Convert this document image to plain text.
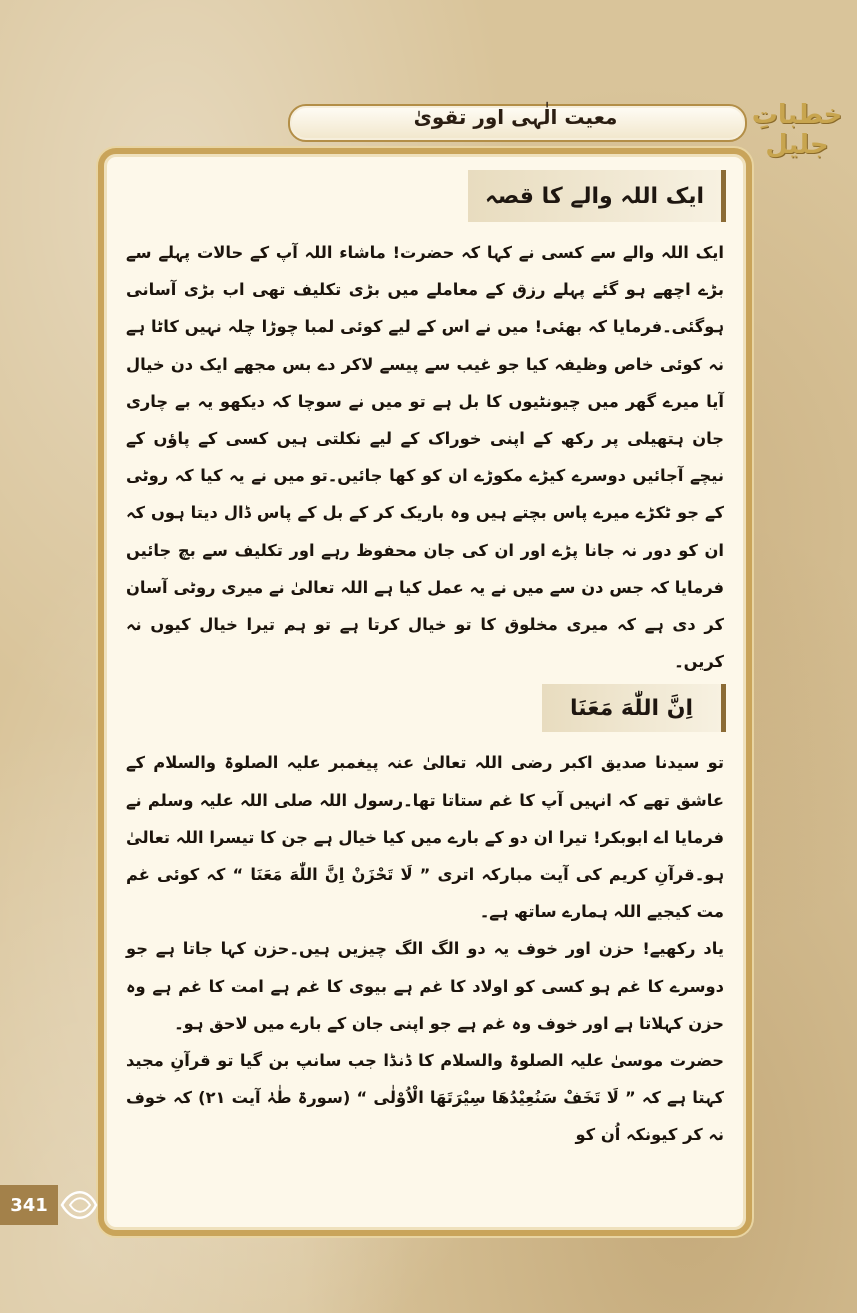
معیت الٰہی اور تقویٰ	خطباتِ جلیل
ایک اللہ والے کا قصہ

ایک اللہ والے سے کسی نے کہا کہ حضرت! ماشاء اللہ آپ کے حالات پہلے سے بڑے اچھے ہو گئے پہلے رزق کے معاملے میں بڑی تکلیف تھی اب بڑی آسانی ہوگئی۔فرمایا کہ بھئی! میں نے اس کے لیے کوئی لمبا چوڑا چلہ نہیں کاٹا ہے نہ کوئی خاص وظیفہ کیا جو غیب سے پیسے لاکر دے بس مجھے ایک دن خیال آیا میرے گھر میں چیونٹیوں کا بل ہے تو میں نے سوچا کہ دیکھو یہ بے چاری جان ہتھیلی پر رکھ کے اپنی خوراک کے لیے نکلتی ہیں کسی کے پاؤں کے نیچے آجائیں دوسرے کیڑے مکوڑے ان کو کھا جائیں۔تو میں نے یہ کیا کہ روٹی کے جو ٹکڑے میرے پاس بچتے ہیں وہ باریک کر کے بل کے پاس ڈال دیتا ہوں کہ ان کو دور نہ جانا پڑے اور ان کی جان محفوظ رہے اور تکلیف سے بچ جائیں فرمایا کہ جس دن سے میں نے یہ عمل کیا ہے اللہ تعالیٰ نے میری روٹی آسان کر دی ہے کہ میری مخلوق کا تو خیال کرتا ہے تو ہم تیرا خیال کیوں نہ کریں۔

اِنَّ اللّٰهَ مَعَنَا

تو سیدنا صدیق اکبر رضی اللہ تعالیٰ عنہ پیغمبر علیہ الصلوۃ والسلام کے عاشق تھے کہ انہیں آپ کا غم ستاتا تھا۔رسول اللہ صلی اللہ علیہ وسلم نے فرمایا اے ابوبکر! تیرا ان دو کے بارے میں کیا خیال ہے جن کا تیسرا اللہ تعالیٰ ہو۔قرآنِ کریم کی آیت مبارکہ اتری ” لَا تَحْزَنْ اِنَّ اللّٰهَ مَعَنَا “ کہ کوئی غم مت کیجیے اللہ ہمارے ساتھ ہے۔

یاد رکھیے! حزن اور خوف یہ دو الگ الگ چیزیں ہیں۔حزن کہا جاتا ہے جو دوسرے کا غم ہو کسی کو اولاد کا غم ہے بیوی کا غم ہے امت کا غم ہے وہ حزن کہلاتا ہے اور خوف وہ غم ہے جو اپنی جان کے بارے میں لاحق ہو۔

حضرت موسیٰ علیہ الصلوۃ والسلام کا ڈنڈا جب سانپ بن گیا تو قرآنِ مجید کہتا ہے کہ ” لَا تَخَفْ سَنُعِيْدُهَا سِيْرَتَهَا الْاُوْلٰى “ (سورۃ طٰہٰ آیت ۲۱) کہ خوف نہ کر کیونکہ اُن کو

341
